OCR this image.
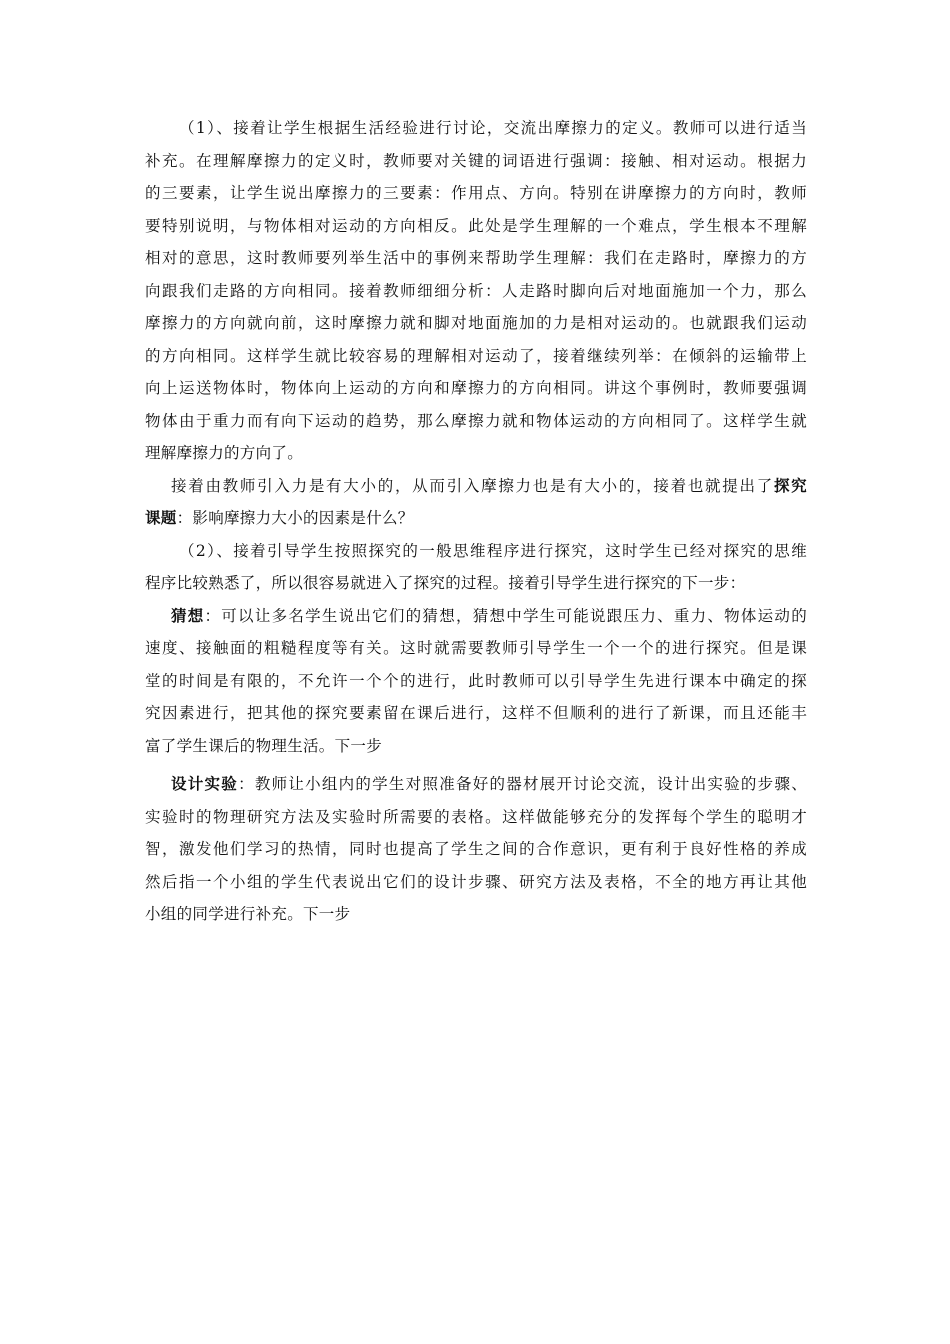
（1）、接着让学生根据生活经验进行讨论，交流出摩擦力的定义。教师可以进行适当
补充。在理解摩擦力的定义时，教师要对关键的词语进行强调：接触、相对运动。根据力
的三要素，让学生说出摩擦力的三要素：作用点、方向。特别在讲摩擦力的方向时，教师
要特别说明，与物体相对运动的方向相反。此处是学生理解的一个难点，学生根本不理解
相对的意思，这时教师要列举生活中的事例来帮助学生理解：我们在走路时，摩擦力的方
向跟我们走路的方向相同。接着教师细细分析：人走路时脚向后对地面施加一个力，那么
摩擦力的方向就向前，这时摩擦力就和脚对地面施加的力是相对运动的。也就跟我们运动
的方向相同。这样学生就比较容易的理解相对运动了，接着继续列举：在倾斜的运输带上
向上运送物体时，物体向上运动的方向和摩擦力的方向相同。讲这个事例时，教师要强调
物体由于重力而有向下运动的趋势，那么摩擦力就和物体运动的方向相同了。这样学生就
理解摩擦力的方向了。
接着由教师引入力是有大小的，从而引入摩擦力也是有大小的，接着也就提出了探究
课题：影响摩擦力大小的因素是什么？
（2）、接着引导学生按照探究的一般思维程序进行探究，这时学生已经对探究的思维
程序比较熟悉了，所以很容易就进入了探究的过程。接着引导学生进行探究的下一步：
猜想：可以让多名学生说出它们的猜想，猜想中学生可能说跟压力、重力、物体运动的
速度、接触面的粗糙程度等有关。这时就需要教师引导学生一个一个的进行探究。但是课
堂的时间是有限的，不允许一个个的进行，此时教师可以引导学生先进行课本中确定的探
究因素进行，把其他的探究要素留在课后进行，这样不但顺利的进行了新课，而且还能丰
富了学生课后的物理生活。下一步
设计实验：教师让小组内的学生对照准备好的器材展开讨论交流，设计出实验的步骤、
实验时的物理研究方法及实验时所需要的表格。这样做能够充分的发挥每个学生的聪明才
智，激发他们学习的热情，同时也提高了学生之间的合作意识，更有利于良好性格的养成
然后指一个小组的学生代表说出它们的设计步骤、研究方法及表格，不全的地方再让其他
小组的同学进行补充。下一步
